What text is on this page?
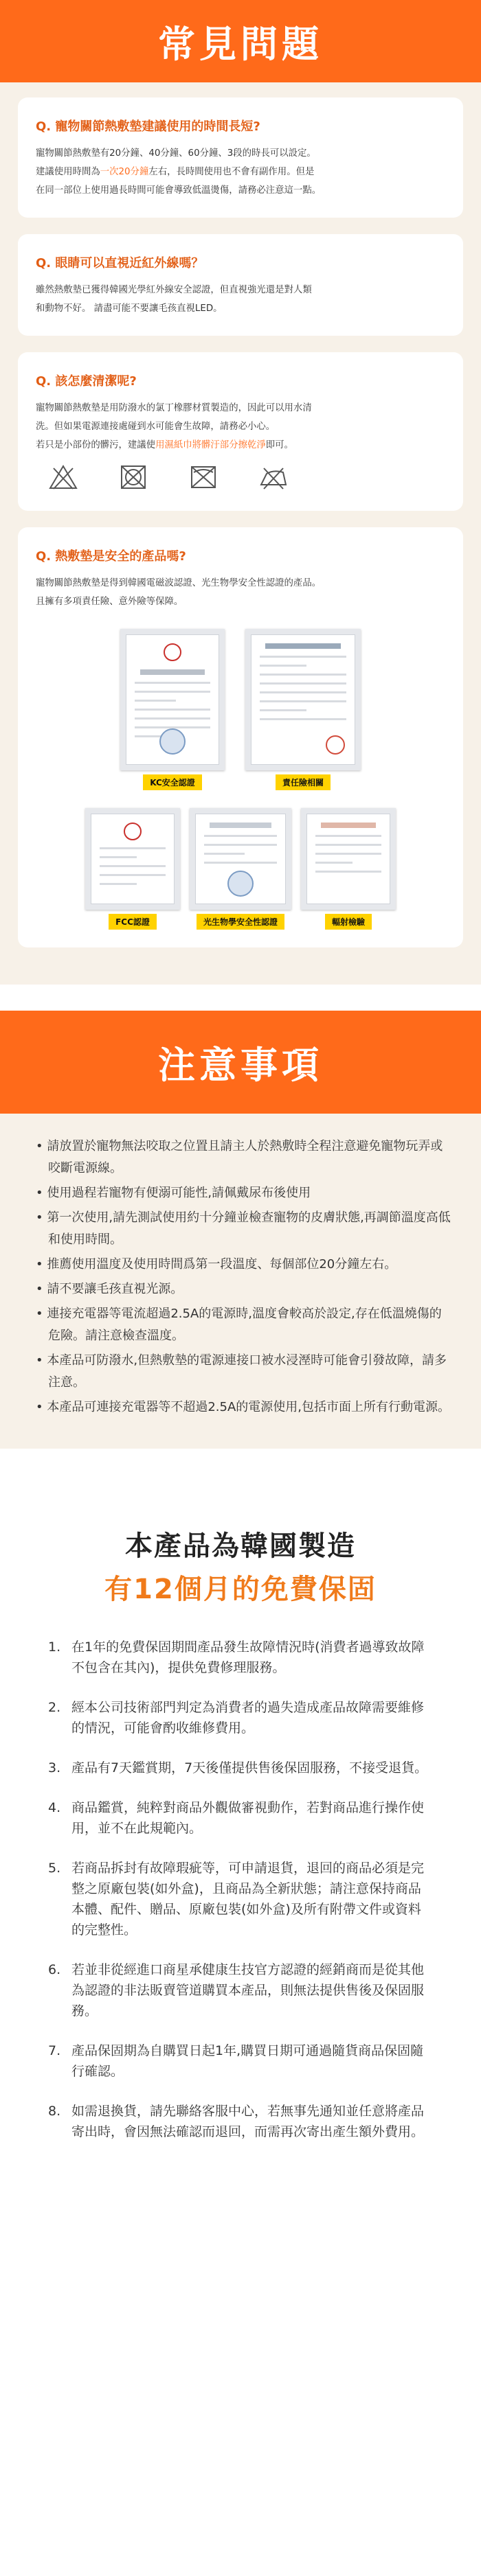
常見問題
Q. 寵物關節熱敷墊建議使用的時間長短?
寵物關節熱敷墊有20分鐘、40分鐘、60分鐘、3段的時長可以設定。
建議使用時間為一次20分鐘左右，長時間使用也不會有副作用。但是
在同一部位上使用過長時間可能會導致低溫燙傷，請務必注意這一點。
Q. 眼睛可以直視近紅外線嗎？
雖然熱敷墊已獲得韓國光學紅外線安全認證，但直視強光還是對人類
和動物不好。 請盡可能不要讓毛孩直視LED。
Q. 該怎麼清潔呢?
寵物關節熱敷墊是用防潑水的氯丁橡膠材質製造的，因此可以用水清
洗。但如果電源連接處碰到水可能會生故障，請務必小心。
若只是小部份的髒污，建議使用濕紙巾將髒汙部分擦乾淨即可。
Q. 熱敷墊是安全的產品嗎?
寵物關節熱敷墊是得到韓國電磁波認證、光生物學安全性認證的產品。
且擁有多項責任險、意外險等保障。
KC安全認證	責任險相關
FCC認證	光生物學安全性認證	輻射檢驗
注意事項
• 請放置於寵物無法咬取之位置且請主人於熱敷時全程注意避免寵物玩弄或咬斷電源線。
• 使用過程若寵物有便溺可能性,請佩戴尿布後使用
• 第一次使用,請先測試使用約十分鐘並檢查寵物的皮膚狀態,再調節溫度高低和使用時間。
• 推薦使用溫度及使用時間爲第一段溫度、每個部位20分鐘左右。
• 請不要讓毛孩直視光源。
• 連接充電器等電流超過2.5A的電源時,溫度會較高於設定,存在低溫燒傷的危險。請注意檢查溫度。
• 本產品可防潑水,但熱敷墊的電源連接口被水浸溼時可能會引發故障，請多注意。
• 本產品可連接充電器等不超過2.5A的電源使用,包括市面上所有行動電源。
本產品為韓國製造
有12個月的免費保固
1. 在1年的免費保固期間產品發生故障情況時(消費者過導致故障不包含在其內)，提供免費修理服務。
2. 經本公司技術部門判定為消費者的過失造成產品故障需要維修的情況，可能會酌收維修費用。
3. 產品有7天鑑賞期，7天後僅提供售後保固服務，不接受退貨。
4. 商品鑑賞，純粹對商品外觀做審視動作，若對商品進行操作使用，並不在此規範內。
5. 若商品拆封有故障瑕疵等，可申請退貨，退回的商品必須是完整之原廠包裝(如外盒)，且商品為全新狀態；請注意保持商品本體、配件、贈品、原廠包裝(如外盒)及所有附帶文件或資料的完整性。
6. 若並非從經進口商星承健康生技官方認證的經銷商而是從其他為認證的非法販賣管道購買本產品，則無法提供售後及保固服務。
7. 產品保固期為自購買日起1年,購買日期可通過隨貨商品保固隨行確認。
8. 如需退換貨，請先聯絡客服中心，若無事先通知並任意將產品寄出時，會因無法確認而退回，而需再次寄出產生額外費用。
